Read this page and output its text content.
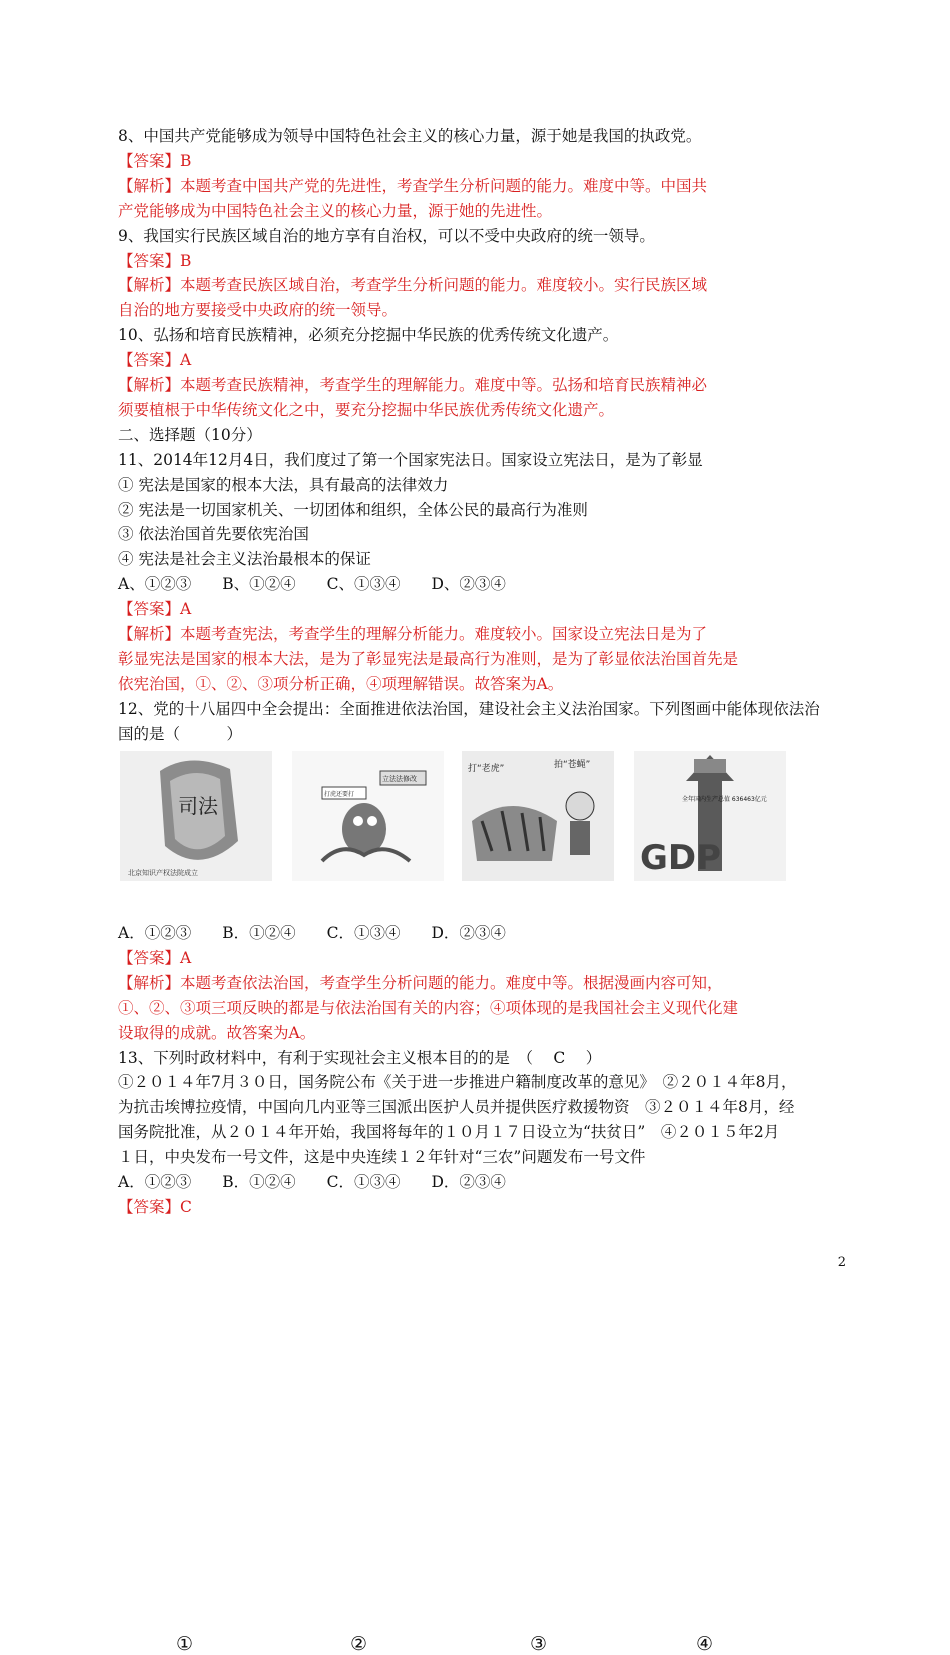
8、中国共产党能够成为领导中国特色社会主义的核心力量，源于她是我国的执政党。
【答案】B
【解析】本题考查中国共产党的先进性，考查学生分析问题的能力。难度中等。中国共
产党能够成为中国特色社会主义的核心力量，源于她的先进性。
9、我国实行民族区域自治的地方享有自治权，可以不受中央政府的统一领导。
【答案】B
【解析】本题考查民族区域自治，考查学生分析问题的能力。难度较小。实行民族区域
自治的地方要接受中央政府的统一领导。
10、弘扬和培育民族精神，必须充分挖掘中华民族的优秀传统文化遗产。
【答案】A
【解析】本题考查民族精神，考查学生的理解能力。难度中等。弘扬和培育民族精神必
须要植根于中华传统文化之中，要充分挖掘中华民族优秀传统文化遗产。
二、选择题（10分）
11、2014年12月4日，我们度过了第一个国家宪法日。国家设立宪法日，是为了彰显
① 宪法是国家的根本大法，具有最高的法律效力
② 宪法是一切国家机关、一切团体和组织，全体公民的最高行为准则
③ 依法治国首先要依宪治国
④ 宪法是社会主义法治最根本的保证
A、①②③　　B、①②④　　C、①③④　　D、②③④
【答案】A
【解析】本题考查宪法，考查学生的理解分析能力。难度较小。国家设立宪法日是为了
彰显宪法是国家的根本大法，是为了彰显宪法是最高行为准则，是为了彰显依法治国首先是
依宪治国，①、②、③项分析正确，④项理解错误。故答案为A。
12、党的十八届四中全会提出：全面推进依法治国，建设社会主义法治国家。下列图画中能体现依法治
国的是（　　　）
司法
北京知识产权法院成立
立法法修改
打虎还要打
打“老虎”	拍“苍蝇”
GDP
全年国内生产总值 636463亿元
①	②	③	④
A．①②③　　B．①②④　　C．①③④　　D．②③④
【答案】A
【解析】本题考查依法治国，考查学生分析问题的能力。难度中等。根据漫画内容可知，
①、②、③项三项反映的都是与依法治国有关的内容；④项体现的是我国社会主义现代化建
设取得的成就。故答案为A。
13、下列时政材料中，有利于实现社会主义根本目的的是　（　 C　 ）
①２０１４年7月３０日，国务院公布《关于进一步推进户籍制度改革的意见》　②２０１４年8月，
为抗击埃博拉疫情，中国向几内亚等三国派出医护人员并提供医疗救援物资　③２０１４年8月，经
国务院批准，从２０１４年开始，我国将每年的１０月１７日设立为“扶贫日”　④２０１５年2月
１日，中央发布一号文件，这是中央连续１２年针对“三农”问题发布一号文件
A．①②③　　B．①②④　　C．①③④　　D．②③④
【答案】C
2
